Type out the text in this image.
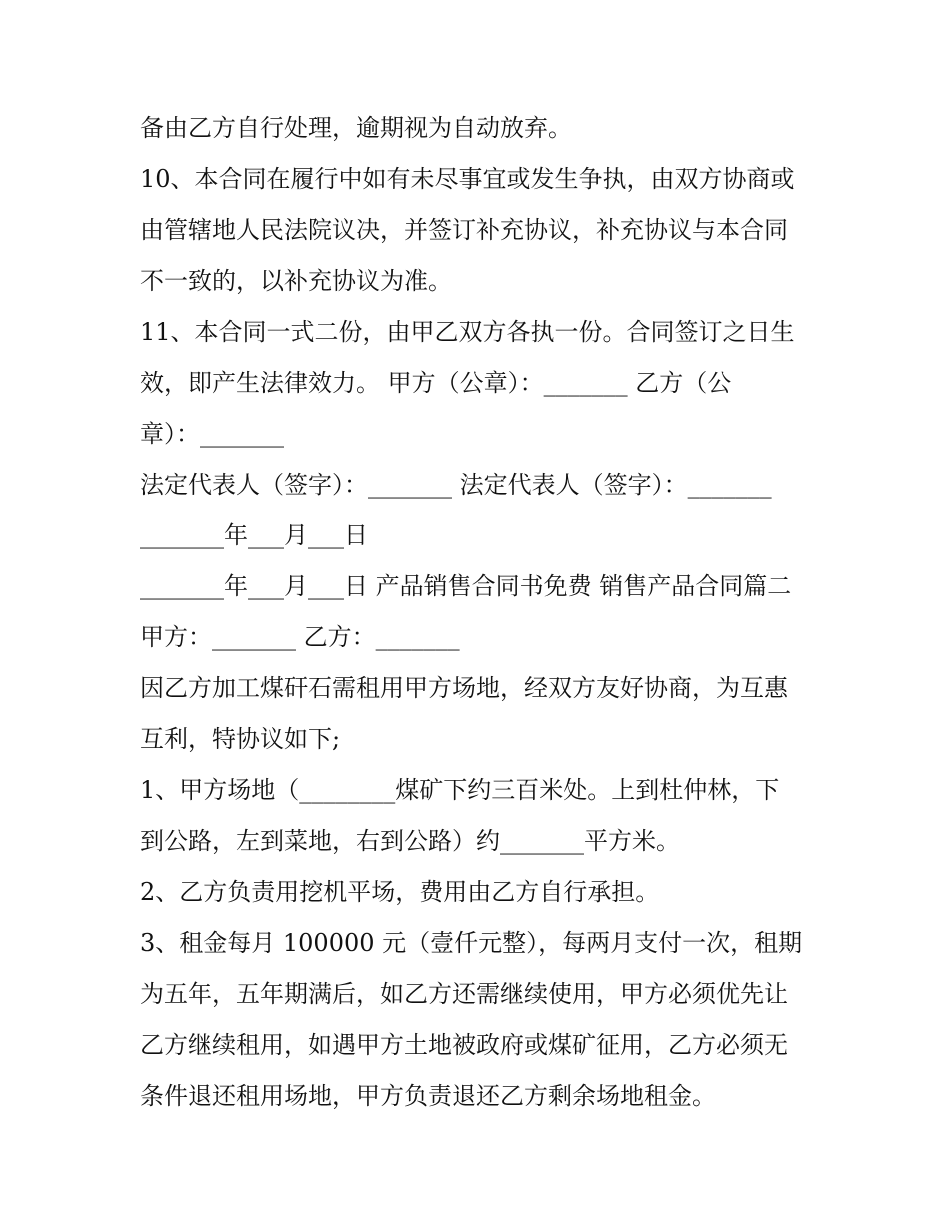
备由乙方自行处理，逾期视为自动放弃。
10、本合同在履行中如有未尽事宜或发生争执，由双方协商或
由管辖地人民法院议决，并签订补充协议，补充协议与本合同
不一致的，以补充协议为准。
11、本合同一式二份，由甲乙双方各执一份。合同签订之日生
效，即产生法律效力。 甲方（公章）：_______ 乙方（公
章）：_______
法定代表人（签字）：_______ 法定代表人（签字）：_______
_______年___月___日
_______年___月___日 产品销售合同书免费 销售产品合同篇二
甲方：_______ 乙方：_______
因乙方加工煤矸石需租用甲方场地，经双方友好协商，为互惠
互利，特协议如下;
1、甲方场地（________煤矿下约三百米处。上到杜仲林，下
到公路，左到菜地，右到公路）约_______平方米。
2、乙方负责用挖机平场，费用由乙方自行承担。
3、租金每月 100000 元（壹仟元整），每两月支付一次，租期
为五年，五年期满后，如乙方还需继续使用，甲方必须优先让
乙方继续租用，如遇甲方土地被政府或煤矿征用，乙方必须无
条件退还租用场地，甲方负责退还乙方剩余场地租金。
